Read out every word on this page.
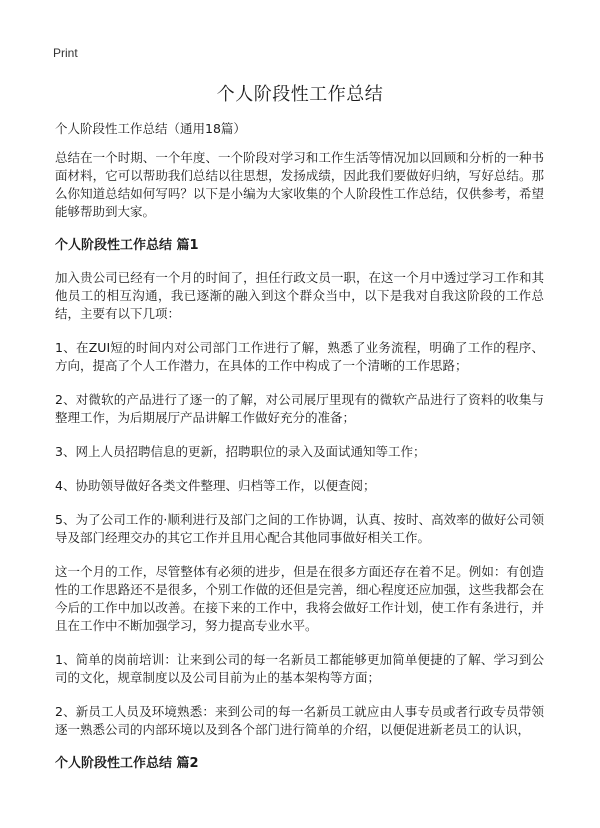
Print
个人阶段性工作总结
个人阶段性工作总结（通用18篇）

总结在一个时期、一个年度、一个阶段对学习和工作生活等情况加以回顾和分析的一种书面材料，它可以帮助我们总结以往思想，发扬成绩，因此我们要做好归纳，写好总结。那么你知道总结如何写吗？以下是小编为大家收集的个人阶段性工作总结，仅供参考，希望能够帮助到大家。

个人阶段性工作总结 篇1

加入贵公司已经有一个月的时间了，担任行政文员一职，在这一个月中透过学习工作和其他员工的相互沟通，我已逐渐的融入到这个群众当中，以下是我对自我这阶段的工作总结，主要有以下几项：

1、在ZUI短的时间内对公司部门工作进行了解，熟悉了业务流程，明确了工作的程序、方向，提高了个人工作潜力，在具体的工作中构成了一个清晰的工作思路；

2、对微软的产品进行了逐一的了解，对公司展厅里现有的微软产品进行了资料的收集与整理工作，为后期展厅产品讲解工作做好充分的准备；

3、网上人员招聘信息的更新，招聘职位的录入及面试通知等工作；

4、协助领导做好各类文件整理、归档等工作，以便查阅；

5、为了公司工作的·顺利进行及部门之间的工作协调，认真、按时、高效率的做好公司领导及部门经理交办的其它工作并且用心配合其他同事做好相关工作。

这一个月的工作，尽管整体有必须的进步，但是在很多方面还存在着不足。例如：有创造性的工作思路还不是很多，个别工作做的还但是完善，细心程度还应加强，这些我都会在今后的工作中加以改善。在接下来的工作中，我将会做好工作计划，使工作有条进行，并且在工作中不断加强学习，努力提高专业水平。

1、简单的岗前培训：让来到公司的每一名新员工都能够更加简单便捷的了解、学习到公司的文化，规章制度以及公司目前为止的基本架构等方面；

2、新员工人员及环境熟悉：来到公司的每一名新员工就应由人事专员或者行政专员带领逐一熟悉公司的内部环境以及到各个部门进行简单的介绍，以便促进新老员工的认识，

个人阶段性工作总结 篇2
